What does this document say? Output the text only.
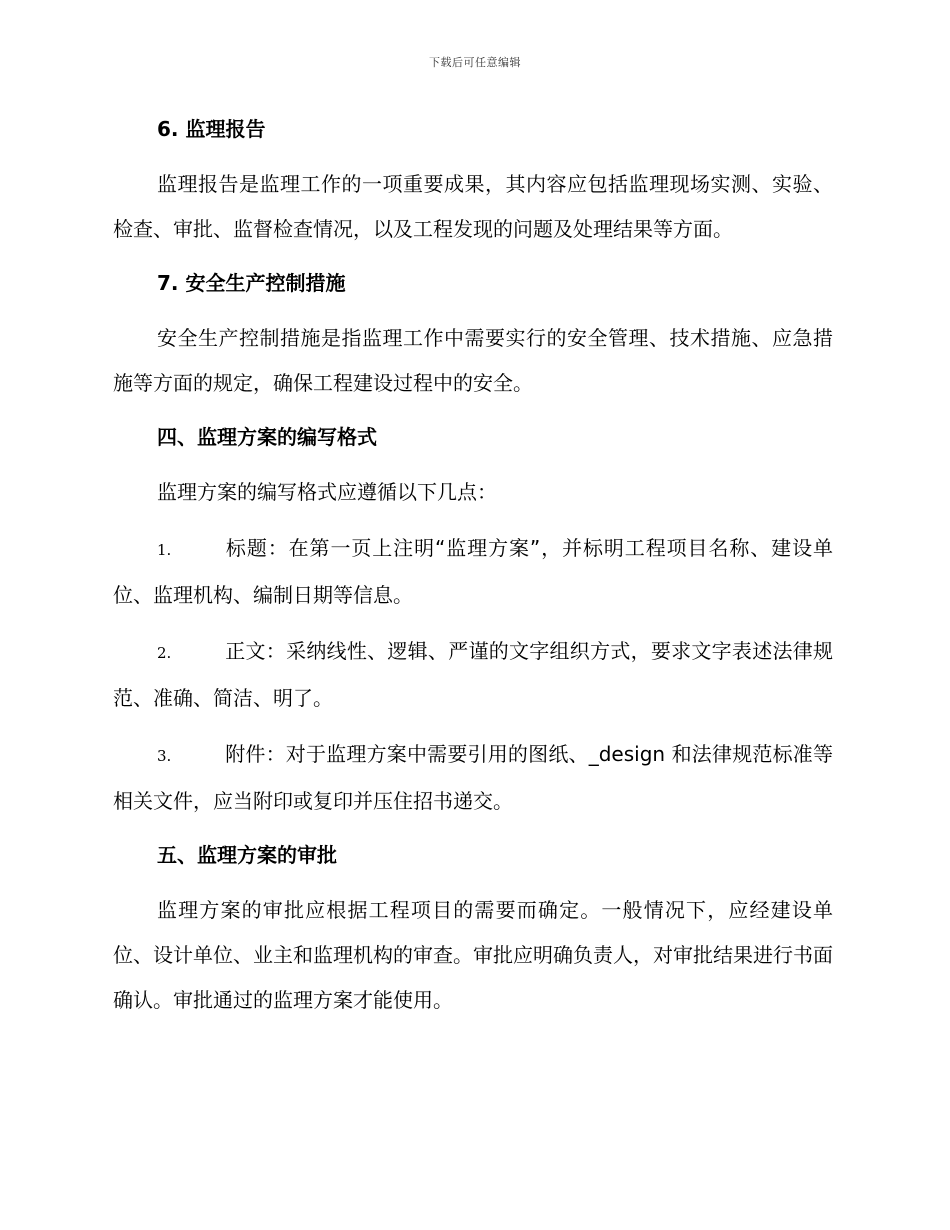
下载后可任意编辑

6. 监理报告

监理报告是监理工作的一项重要成果，其内容应包括监理现场实测、实验、检查、审批、监督检查情况，以及工程发现的问题及处理结果等方面。

7. 安全生产控制措施

安全生产控制措施是指监理工作中需要实行的安全管理、技术措施、应急措施等方面的规定，确保工程建设过程中的安全。

四、监理方案的编写格式

监理方案的编写格式应遵循以下几点：

1.	标题：在第一页上注明“监理方案”，并标明工程项目名称、建设单位、监理机构、编制日期等信息。

2.	正文：采纳线性、逻辑、严谨的文字组织方式，要求文字表述法律规范、准确、简洁、明了。

3.	附件：对于监理方案中需要引用的图纸、_design 和法律规范标准等相关文件，应当附印或复印并压住招书递交。

五、监理方案的审批

监理方案的审批应根据工程项目的需要而确定。一般情况下，应经建设单位、设计单位、业主和监理机构的审查。审批应明确负责人，对审批结果进行书面确认。审批通过的监理方案才能使用。
